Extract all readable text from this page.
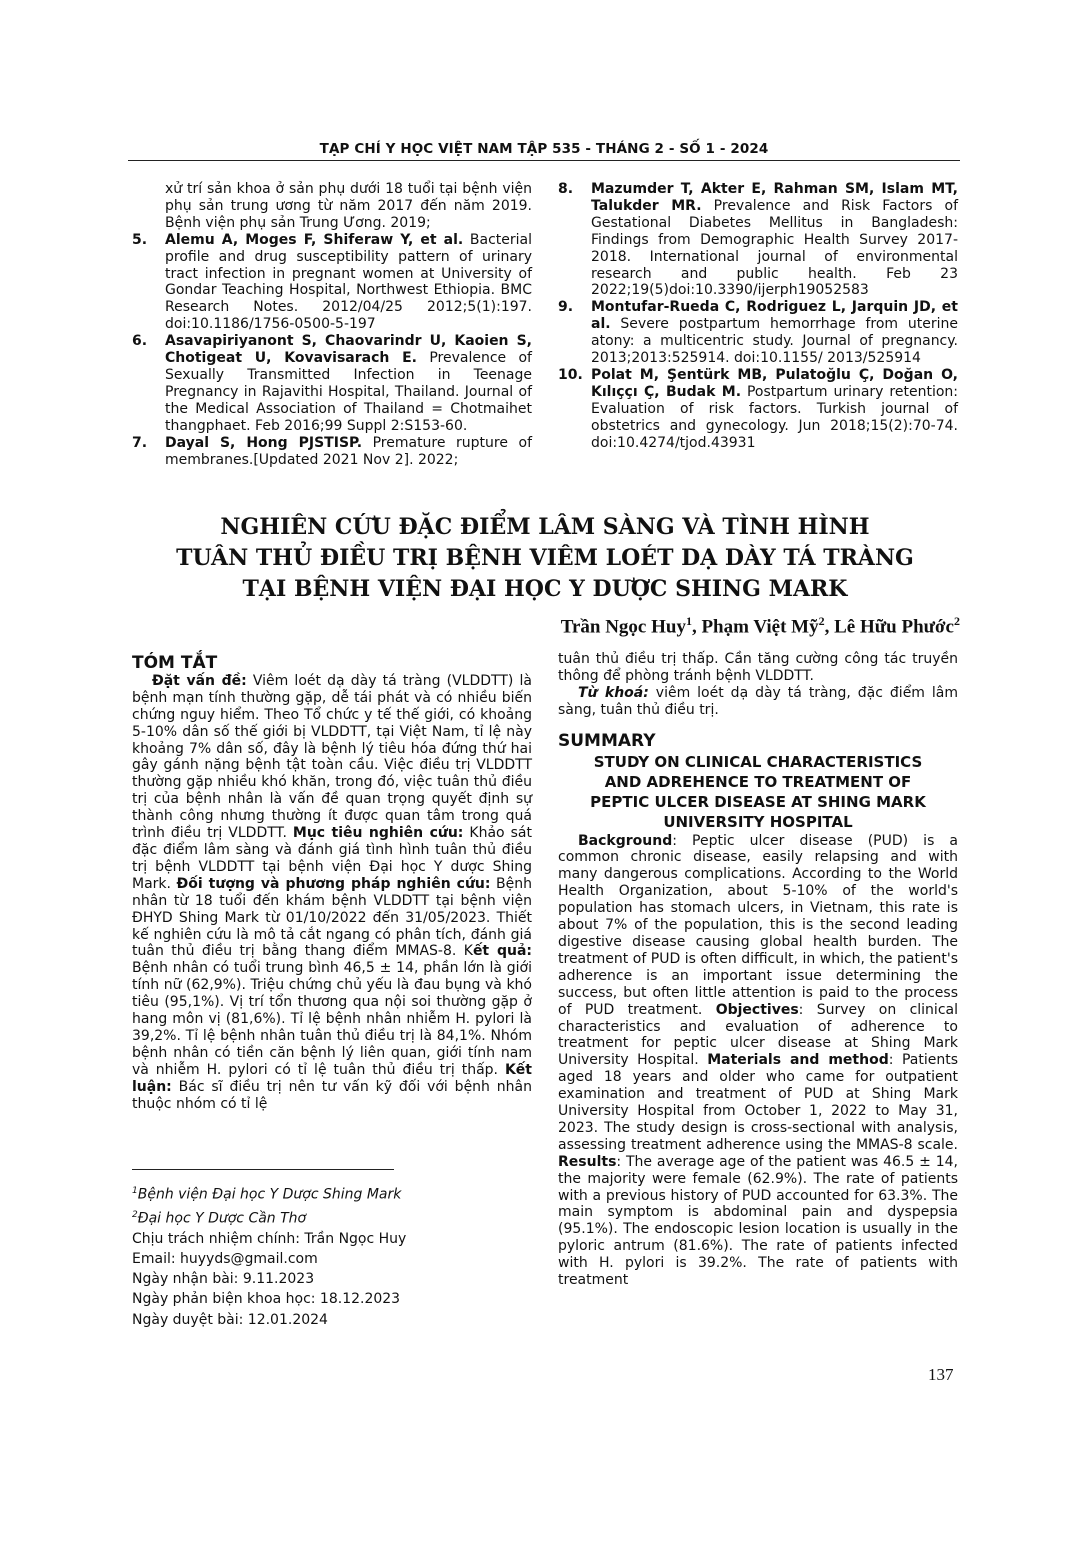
TẠP CHÍ Y HỌC VIỆT NAM TẬP 535 - THÁNG 2 - SỐ 1 - 2024
xử trí sản khoa ở sản phụ dưới 18 tuổi tại bệnh viện phụ sản trung ương từ năm 2017 đến năm 2019. Bệnh viện phụ sản Trung Ương. 2019;
5.	Alemu A, Moges F, Shiferaw Y, et al. Bacterial profile and drug susceptibility pattern of urinary tract infection in pregnant women at University of Gondar Teaching Hospital, Northwest Ethiopia. BMC Research Notes. 2012/04/25 2012;5(1):197. doi:10.1186/1756-0500-5-197
6.	Asavapiriyanont S, Chaovarindr U, Kaoien S, Chotigeat U, Kovavisarach E. Prevalence of Sexually Transmitted Infection in Teenage Pregnancy in Rajavithi Hospital, Thailand. Journal of the Medical Association of Thailand = Chotmaihet thangphaet. Feb 2016;99 Suppl 2:S153-60.
7.	Dayal S, Hong PJSTISP. Premature rupture of membranes.[Updated 2021 Nov 2]. 2022;
8.	Mazumder T, Akter E, Rahman SM, Islam MT, Talukder MR. Prevalence and Risk Factors of Gestational Diabetes Mellitus in Bangladesh: Findings from Demographic Health Survey 2017-2018. International journal of environmental research and public health. Feb 23 2022;19(5)doi:10.3390/ijerph19052583
9.	Montufar-Rueda C, Rodriguez L, Jarquin JD, et al. Severe postpartum hemorrhage from uterine atony: a multicentric study. Journal of pregnancy. 2013;2013:525914. doi:10.1155/ 2013/525914
10. Polat M, Şentürk MB, Pulatoğlu Ç, Doğan O, Kılıççı Ç, Budak M. Postpartum urinary retention: Evaluation of risk factors. Turkish journal of obstetrics and gynecology. Jun 2018;15(2):70-74. doi:10.4274/tjod.43931
NGHIÊN CỨU ĐẶC ĐIỂM LÂM SÀNG VÀ TÌNH HÌNH
TUÂN THỦ ĐIỀU TRỊ BỆNH VIÊM LOÉT DẠ DÀY TÁ TRÀNG
TẠI BỆNH VIỆN ĐẠI HỌC Y DƯỢC SHING MARK
Trần Ngọc Huy$^1$, Phạm Việt Mỹ$^2$, Lê Hữu Phước$^2$
TÓM TẮT

Đặt vấn đề: Viêm loét dạ dày tá tràng (VLDDTT) là bệnh mạn tính thường gặp, dễ tái phát và có nhiều biến chứng nguy hiểm. Theo Tổ chức y tế thế giới, có khoảng 5-10% dân số thế giới bị VLDDTT, tại Việt Nam, tỉ lệ này khoảng 7% dân số, đây là bệnh lý tiêu hóa đứng thứ hai gây gánh nặng bệnh tật toàn cầu. Việc điều trị VLDDTT thường gặp nhiều khó khăn, trong đó, việc tuân thủ điều trị của bệnh nhân là vấn đề quan trọng quyết định sự thành công nhưng thường ít được quan tâm trong quá trình điều trị VLDDTT. Mục tiêu nghiên cứu: Khảo sát đặc điểm lâm sàng và đánh giá tình hình tuân thủ điều trị bệnh VLDDTT tại bệnh viện Đại học Y dược Shing Mark. Đối tượng và phương pháp nghiên cứu: Bệnh nhân từ 18 tuổi đến khám bệnh VLDDTT tại bệnh viện ĐHYD Shing Mark từ 01/10/2022 đến 31/05/2023. Thiết kế nghiên cứu là mô tả cắt ngang có phân tích, đánh giá tuân thủ điều trị bằng thang điểm MMAS-8. Kết quả: Bệnh nhân có tuổi trung bình 46,5 ± 14, phần lớn là giới tính nữ (62,9%). Triệu chứng chủ yếu là đau bụng và khó tiêu (95,1%). Vị trí tổn thương qua nội soi thường gặp ở hang môn vị (81,6%). Tỉ lệ bệnh nhân nhiễm H. pylori là 39,2%. Tỉ lệ bệnh nhân tuân thủ điều trị là 84,1%. Nhóm bệnh nhân có tiền căn bệnh lý liên quan, giới tính nam và nhiễm H. pylori có tỉ lệ tuân thủ điều trị thấp. Kết luận: Bác sĩ điều trị nên tư vấn kỹ đối với bệnh nhân thuộc nhóm có tỉ lệ

$^1$Bệnh viện Đại học Y Dược Shing Mark
$^2$Đại học Y Dược Cần Thơ
Chịu trách nhiệm chính: Trần Ngọc Huy
Email: huyyds@gmail.com
Ngày nhận bài: 9.11.2023
Ngày phản biện khoa học: 18.12.2023
Ngày duyệt bài: 12.01.2024

tuân thủ điều trị thấp. Cần tăng cường công tác truyền thông để phòng tránh bệnh VLDDTT.

Từ khoá: viêm loét dạ dày tá tràng, đặc điểm lâm sàng, tuân thủ điều trị.

SUMMARY
STUDY ON CLINICAL CHARACTERISTICS
AND ADREHENCE TO TREATMENT OF
PEPTIC ULCER DISEASE AT SHING MARK
UNIVERSITY HOSPITAL

Background: Peptic ulcer disease (PUD) is a common chronic disease, easily relapsing and with many dangerous complications. According to the World Health Organization, about 5-10% of the world's population has stomach ulcers, in Vietnam, this rate is about 7% of the population, this is the second leading digestive disease causing global health burden. The treatment of PUD is often difficult, in which, the patient's adherence is an important issue determining the success, but often little attention is paid to the process of PUD treatment. Objectives: Survey on clinical characteristics and evaluation of adherence to treatment for peptic ulcer disease at Shing Mark University Hospital. Materials and method: Patients aged 18 years and older who came for outpatient examination and treatment of PUD at Shing Mark University Hospital from October 1, 2022 to May 31, 2023. The study design is cross-sectional with analysis, assessing treatment adherence using the MMAS-8 scale. Results: The average age of the patient was 46.5 ± 14, the majority were female (62.9%). The rate of patients with a previous history of PUD accounted for 63.3%. The main symptom is abdominal pain and dyspepsia (95.1%). The endoscopic lesion location is usually in the pyloric antrum (81.6%). The rate of patients infected with H. pylori is 39.2%. The rate of patients with treatment

137
